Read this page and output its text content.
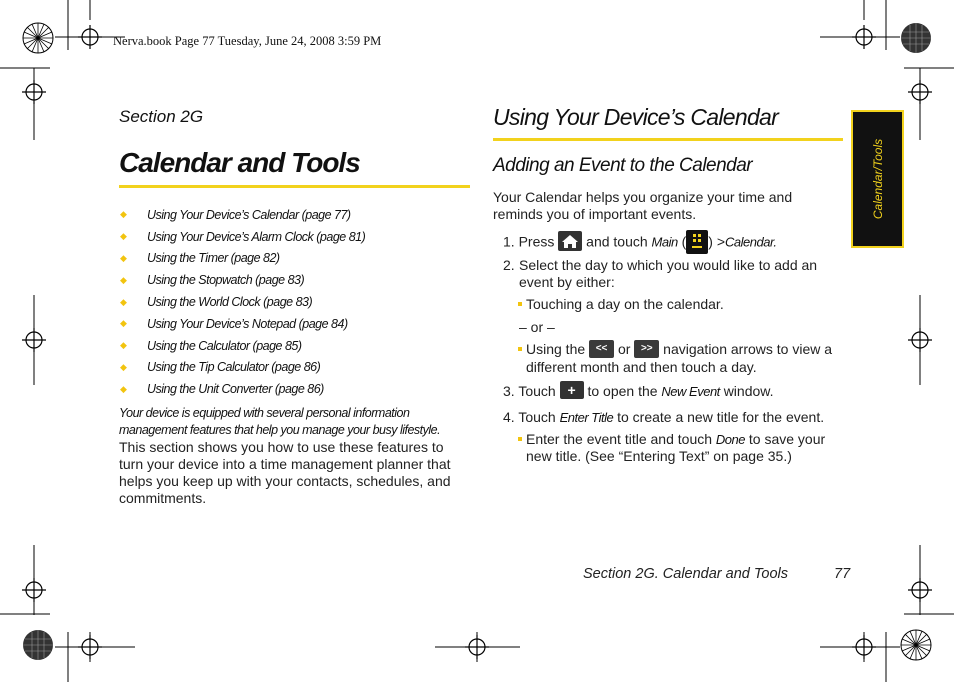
Nerva.book Page 77 Tuesday, June 24, 2008 3:59 PM
Section 2G
Calendar and Tools
◆	Using Your Device’s Calendar (page 77)
◆	Using Your Device’s Alarm Clock (page 81)
◆	Using the Timer (page 82)
◆	Using the Stopwatch (page 83)
◆	Using the World Clock (page 83)
◆	Using Your Device’s Notepad (page 84)
◆	Using the Calculator (page 85)
◆	Using the Tip Calculator (page 86)
◆	Using the Unit Converter (page 86)
Your device is equipped with several personal information management features that help you manage your busy lifestyle.
This section shows you how to use these features to turn your device into a time management planner that helps you keep up with your contacts, schedules, and commitments.
Using Your Device’s Calendar
Adding an Event to the Calendar
Your Calendar helps you organize your time and reminds you of important events.
1. Press and touch Main ( ) >Calendar.
2. Select the day to which you would like to add an event by either:
Touching a day on the calendar.
– or –
Using the << or >> navigation arrows to view a different month and then touch a day.
3. Touch + to open the New Event window.
4. Touch Enter Title to create a new title for the event.
Enter the event title and touch Done to save your new title. (See “Entering Text” on page 35.)
Calendar/Tools
Section 2G. Calendar and Tools	77
